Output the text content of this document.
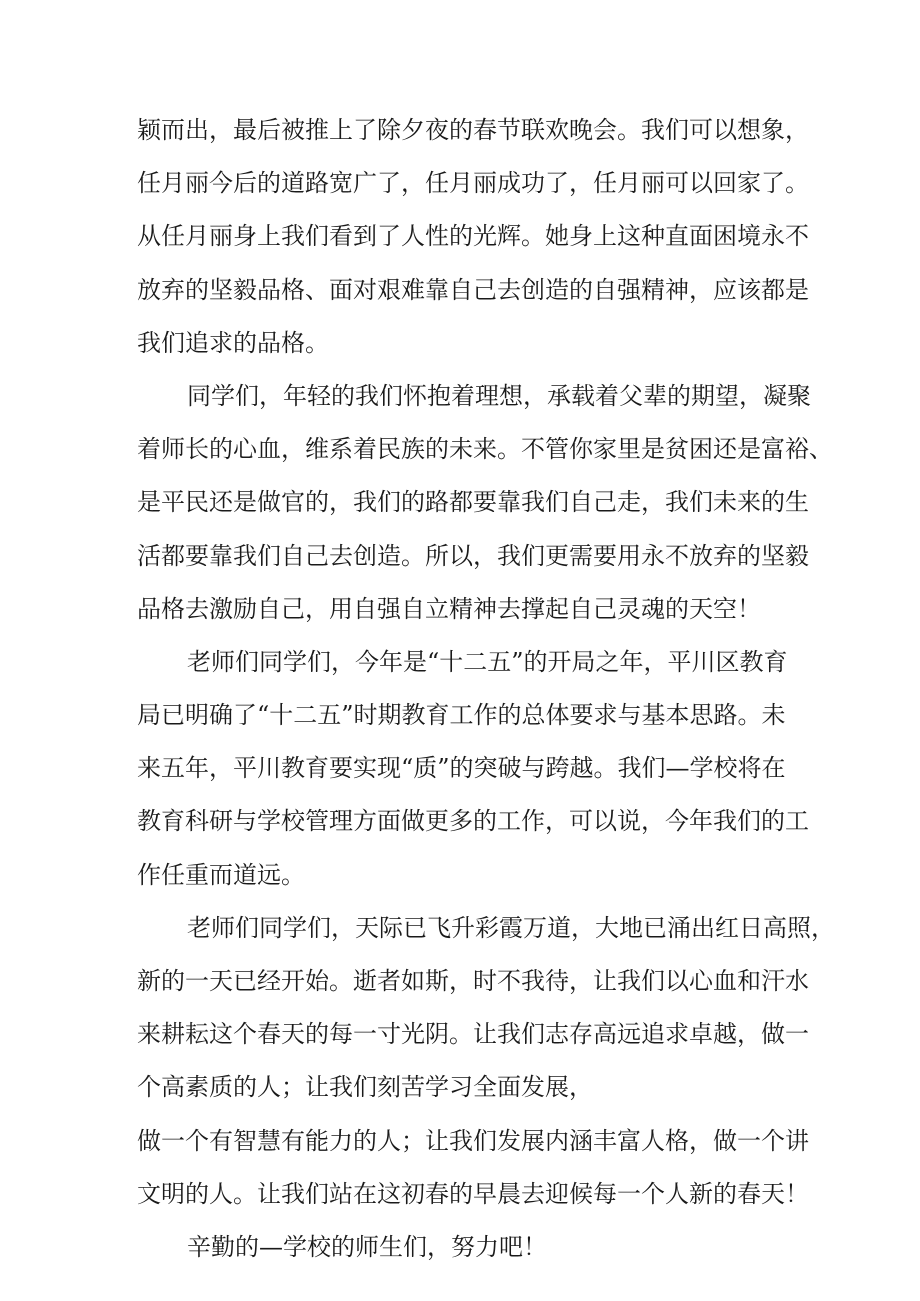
颖而出，最后被推上了除夕夜的春节联欢晚会。我们可以想象，
任月丽今后的道路宽广了，任月丽成功了，任月丽可以回家了。
从任月丽身上我们看到了人性的光辉。她身上这种直面困境永不
放弃的坚毅品格、面对艰难靠自己去创造的自强精神，应该都是
我们追求的品格。
同学们，年轻的我们怀抱着理想，承载着父辈的期望，凝聚
着师长的心血，维系着民族的未来。不管你家里是贫困还是富裕、
是平民还是做官的，我们的路都要靠我们自己走，我们未来的生
活都要靠我们自己去创造。所以，我们更需要用永不放弃的坚毅
品格去激励自己，用自强自立精神去撑起自己灵魂的天空！
老师们同学们，今年是“十二五”的开局之年，平川区教育
局已明确了“十二五”时期教育工作的总体要求与基本思路。未
来五年，平川教育要实现“质”的突破与跨越。我们—学校将在
教育科研与学校管理方面做更多的工作，可以说，今年我们的工
作任重而道远。
老师们同学们，天际已飞升彩霞万道，大地已涌出红日高照，
新的一天已经开始。逝者如斯，时不我待，让我们以心血和汗水
来耕耘这个春天的每一寸光阴。让我们志存高远追求卓越，做一
个高素质的人；让我们刻苦学习全面发展，
做一个有智慧有能力的人；让我们发展内涵丰富人格，做一个讲
文明的人。让我们站在这初春的早晨去迎候每一个人新的春天！
辛勤的—学校的师生们，努力吧！
